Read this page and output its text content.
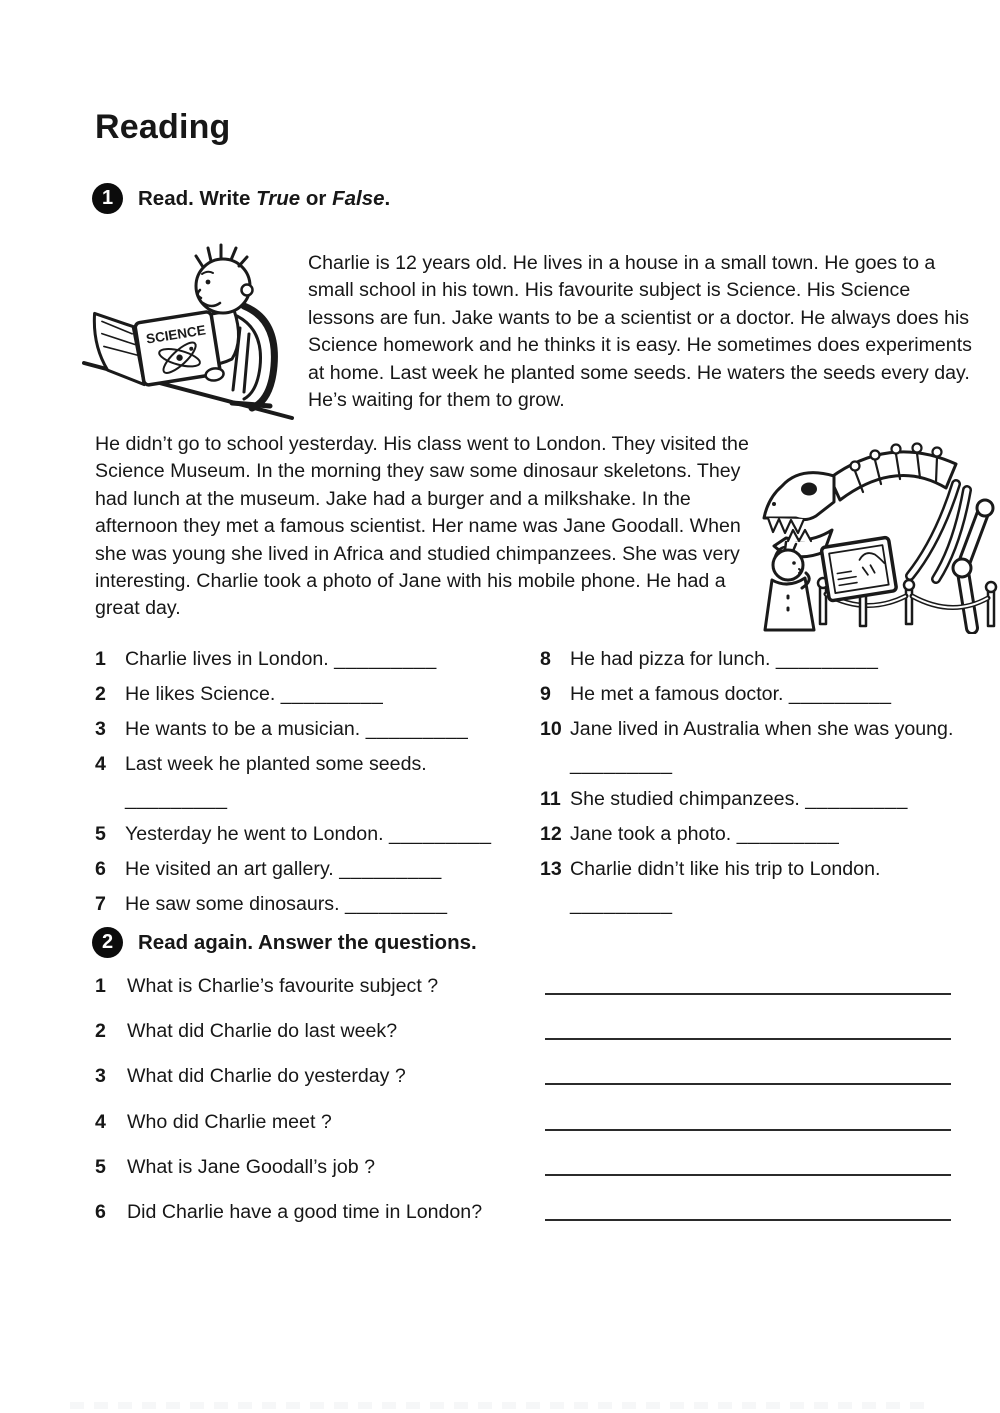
Reading
1	Read. Write True or False.
SCIENCE

Charlie is 12 years old. He lives in a house in a small town. He goes to a small school in his town. His favourite subject is Science. His Science lessons are fun. Jake wants to be a scientist or a doctor. He always does his Science homework and he thinks it is easy. He sometimes does experiments at home. Last week he planted some seeds. He waters the seeds every day. He’s waiting for them to grow.

He didn’t go to school yesterday. His class went to London. They visited the Science Museum. In the morning they saw some dinosaur skeletons. They had lunch at the museum. Jake had a burger and a milkshake. In the afternoon they met a famous scientist. Her name was Jane Goodall. When she was young she lived in Africa and studied chimpanzees. She was very interesting. Charlie took a photo of Jane with his mobile phone. He had a great day.

1 Charlie lives in London. _________
2 He likes Science. _________
3 He wants to be a musician. _________
4 Last week he planted some seeds.
_________
5 Yesterday he went to London. _________
6 He visited an art gallery. _________
7 He saw some dinosaurs. _________
8 He had pizza for lunch. _________
9 He met a famous doctor. _________
10 Jane lived in Australia when she was young.
_________
11 She studied chimpanzees. _________
12 Jane took a photo. _________
13 Charlie didn’t like his trip to London.
_________
2	Read again. Answer the questions.
1 What is Charlie’s favourite subject ?
2 What did Charlie do last week?
3 What did Charlie do yesterday ?
4 Who did Charlie meet ?
5 What is Jane Goodall’s job ?
6 Did Charlie have a good time in London?
